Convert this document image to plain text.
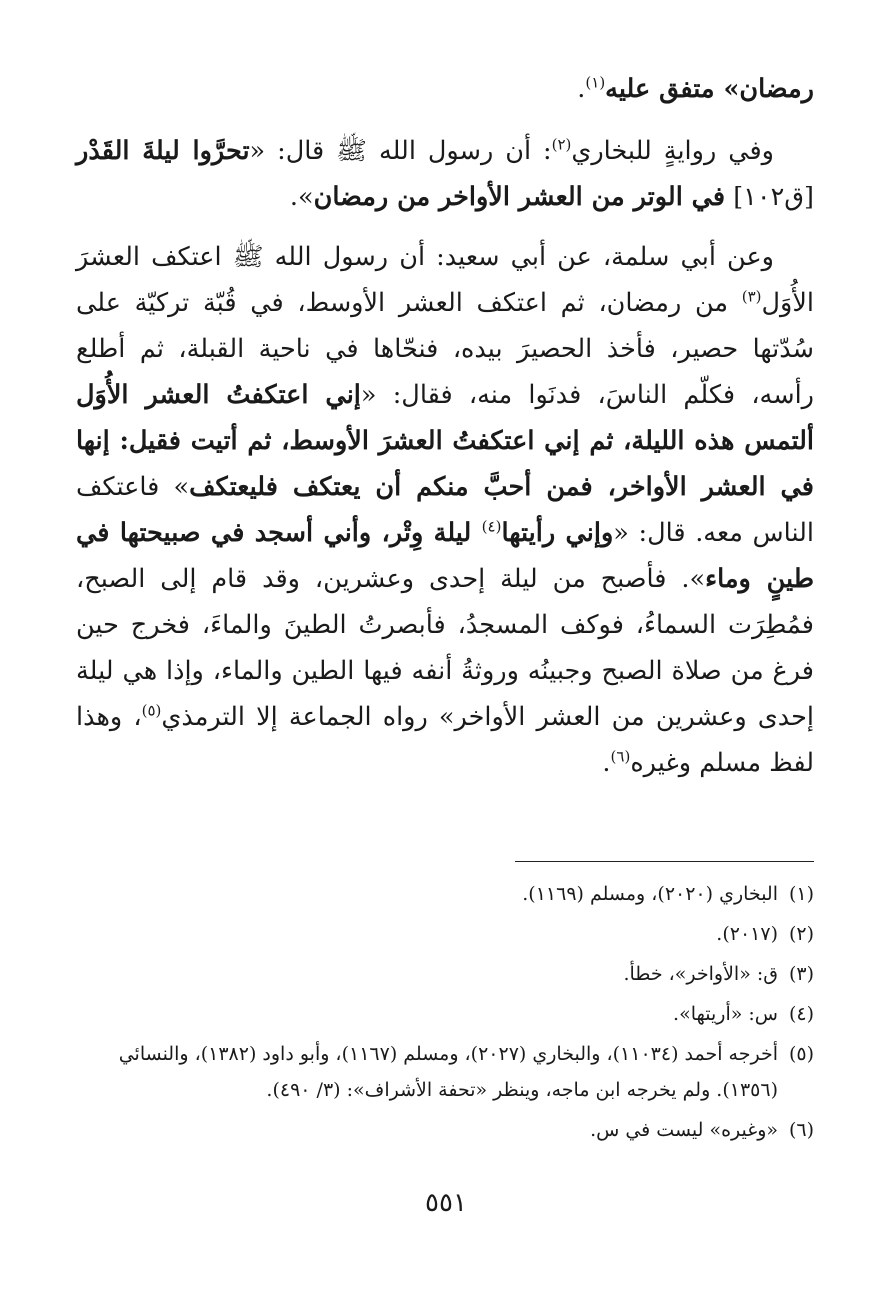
رمضان» متفق عليه$^{(١)}$.

وفي روايةٍ للبخاري$^{(٢)}$: أن رسول الله ﷺ قال: «تحرَّوا ليلةَ القَدْر [ق١٠٢] في الوتر من العشر الأواخر من رمضان».

وعن أبي سلمة، عن أبي سعيد: أن رسول الله ﷺ اعتكف العشرَ الأُوَل$^{(٣)}$ من رمضان، ثم اعتكف العشر الأوسط، في قُبّة تركيّة على سُدّتها حصير، فأخذ الحصيرَ بيده، فنحّاها في ناحية القبلة، ثم أطلع رأسه، فكلّم الناسَ، فدنَوا منه، فقال: «إني اعتكفتُ العشر الأُوَل ألتمس هذه الليلة، ثم إني اعتكفتُ العشرَ الأوسط، ثم أتيت فقيل: إنها في العشر الأواخر، فمن أحبَّ منكم أن يعتكف فليعتكف» فاعتكف الناس معه. قال: «وإني رأيتها$^{(٤)}$ ليلة وِتْر، وأني أسجد في صبيحتها في طينٍ وماء». فأصبح من ليلة إحدى وعشرين، وقد قام إلى الصبح، فمُطِرَت السماءُ، فوكف المسجدُ، فأبصرتُ الطينَ والماءَ، فخرج حين فرغ من صلاة الصبح وجبينُه وروثةُ أنفه فيها الطين والماء، وإذا هي ليلة إحدى وعشرين من العشر الأواخر» رواه الجماعة إلا الترمذي$^{(٥)}$، وهذا لفظ مسلم وغيره$^{(٦)}$.

(١)
البخاري (٢٠٢٠)، ومسلم (١١٦٩).
(٢)
(٢٠١٧).
(٣)
ق: «الأواخر»، خطأ.
(٤)
س: «أريتها».
(٥)
أخرجه أحمد (١١٠٣٤)، والبخاري (٢٠٢٧)، ومسلم (١١٦٧)، وأبو داود (١٣٨٢)، والنسائي (١٣٥٦). ولم يخرجه ابن ماجه، وينظر «تحفة الأشراف»: (٣/ ٤٩٠).
(٦)
«وغيره» ليست في س.
٥٥١
